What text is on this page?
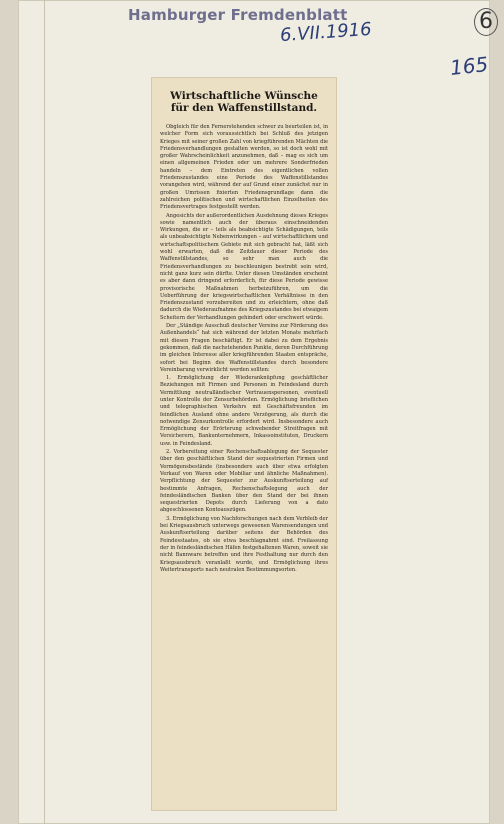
Hamburger Fremdenblatt
6.VII.1916	6
165
Wirtschaftliche Wünsche
für den Waffenstillstand.

Obgleich für den Fernerstehenden schwer zu beurteilen ist, in welcher Form sich voraussichtlich bei Schluß des jetzigen Krieges mit seiner großen Zahl von kriegführenden Mächten die Friedensverhandlungen gestalten werden, so ist doch wohl mit großer Wahrscheinlichkeit anzunehmen, daß – mag es sich um einen allgemeinen Frieden oder um mehrere Sonderfrieden handeln – dem Eintreten des eigentlichen vollen Friedenszustandes eine Periode des Waffenstillstandes vorangehen wird, während der auf Grund einer zunächst nur in großen Umrissen fixierten Friedensgrundlage dann die zahlreichen politischen und wirtschaftlichen Einzelheiten des Friedensvertrages festgestellt werden.

Angesichts der außerordentlichen Ausdehnung dieses Krieges sowie namentlich auch der überaus einschneidenden Wirkungen, die er – teils als beabsichtigte Schädigungen, teils als unbeabsichtigte Nebenwirkungen – auf wirtschaftlichem und wirtschaftspolitischem Gebiete mit sich gebracht hat, läßt sich wohl erwarten, daß die Zeitdauer dieser Periode des Waffenstillstandes, so sehr man auch die Friedensverhandlungen zu beschleunigen bestrebt sein wird, nicht ganz kurz sein dürfte. Unter diesen Umständen erscheint es aber dann dringend erforderlich, für diese Periode gewisse provisorische Maßnahmen herbeizuführen, um die Ueberführung der kriegswirtschaftlichen Verhältnisse in den Friedenszustand vorzubereiten und zu erleichtern, ohne daß dadurch die Wiederaufnahme des Kriegszustandes bei etwaigem Scheitern der Verhandlungen gehindert oder erschwert würde.

Der „Ständige Ausschuß deutscher Vereine zur Förderung des Außenhandels“ hat sich während der letzten Monate mehrfach mit diesen Fragen beschäftigt. Er ist dabei zu dem Ergebnis gekommen, daß die nachstehenden Punkte, deren Durchführung im gleichen Interesse aller kriegführenden Staaten entspräche, sofort bei Beginn des Waffenstillstandes durch besondere Vereinbarung verwirklicht werden sollten:

1. Ermöglichung der Wiederanknüpfung geschäftlicher Beziehungen mit Firmen und Personen in Feindesland durch Vermittlung neutralländischer Vertrauenspersonen, eventuell unter Kontrolle der Zensurbehörden. Ermöglichung brieflichen und telegraphischen Verkehrs mit Geschäftsfreunden im feindlichen Ausland ohne andere Verzögerung, als durch die notwendige Zensurkontrolle erfordert wird. Insbesondere auch Ermöglichung der Erörterung schwebender Streitfragen mit Versicherern, Bankunternehmern, Inkassoinstituten, Druckern usw. in Feindesland.

2. Vorbereitung einer Rechenschaftsablegung der Sequester über den geschäftlichen Stand der sequestrierten Firmen und Vermögensbestände (insbesondere auch über etwa erfolgten Verkauf von Waren oder Mobiliar und ähnliche Maßnahmen). Verpflichtung der Sequester zur Auskunftserteilung auf bestimmte Anfragen, Rechenschaftslegung auch der feindesländischen Banken über den Stand der bei ihnen sequestrierten Depots durch Lieferung von a dato abgeschlossenen Kontoauszügen.

3. Ermöglichung von Nachforschungen nach dem Verbleib der bei Kriegsausbruch unterwegs gewesenen Warensendungen und Auskunftserteilung darüber seitens der Behörden des Feindesstaates, ob sie etwa beschlagnahmt sind. Freilassung der in feindesländischen Häfen festgehaltenen Waren, soweit sie nicht Bannware betreffen und ihre Festhaltung nur durch den Kriegsausbruch veranlaßt wurde, und Ermöglichung ihres Weitertransports nach neutralen Bestimmungsorten.
